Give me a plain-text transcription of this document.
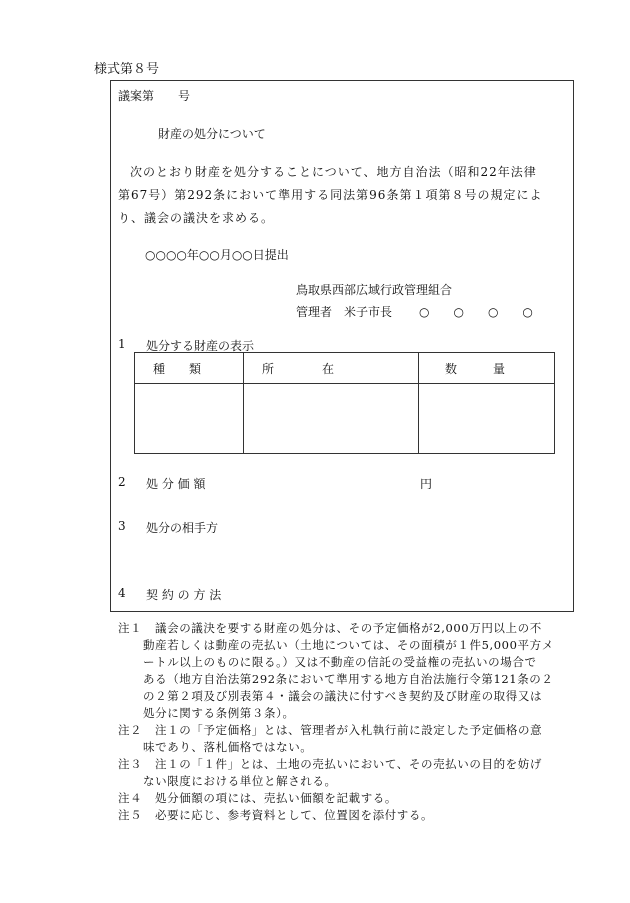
様式第８号
議案第　　号
財産の処分について
次のとおり財産を処分することについて、地方自治法（昭和22年法律
第67号）第292条において準用する同法第96条第１項第８号の規定によ
り、議会の議決を求める。
○○○○年○○月○○日提出
鳥取県西部広域行政管理組合
管理者　米子市長 ○　○　○　○
1 処分する財産の表示
種　　類	所　　　　在	数　　　量

2 処 分 価 額	円
3 処分の相手方
4 契 約 の 方 法
注１ 議会の議決を要する財産の処分は、その予定価格が2,000万円以上の不
動産若しくは動産の売払い（土地については、その面積が１件5,000平方メ
ートル以上のものに限る。）又は不動産の信託の受益権の売払いの場合で
ある（地方自治法第292条において準用する地方自治法施行令第121条の２
の２第２項及び別表第４・議会の議決に付すべき契約及び財産の取得又は
処分に関する条例第３条）。
注２ 注１の「予定価格」とは、管理者が入札執行前に設定した予定価格の意
味であり、落札価格ではない。
注３ 注１の「１件」とは、土地の売払いにおいて、その売払いの目的を妨げ
ない限度における単位と解される。
注４ 処分価額の項には、売払い価額を記載する。
注５ 必要に応じ、参考資料として、位置図を添付する。
